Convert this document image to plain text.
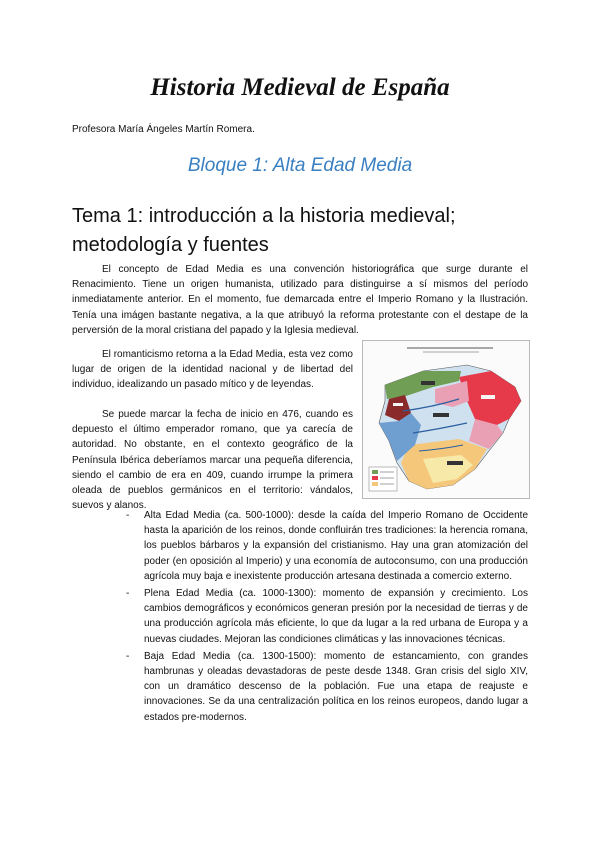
Historia Medieval de España
Profesora María Ángeles Martín Romera.
Bloque 1: Alta Edad Media
Tema 1: introducción a la historia medieval; metodología y fuentes
El concepto de Edad Media es una convención historiográfica que surge durante el Renacimiento. Tiene un origen humanista, utilizado para distinguirse a sí mismos del período inmediatamente anterior. En el momento, fue demarcada entre el Imperio Romano y la Ilustración. Tenía una imágen bastante negativa, a la que atribuyó la reforma protestante con el destape de la perversión de la moral cristiana del papado y la Iglesia medieval.
El romanticismo retorna a la Edad Media, esta vez como lugar de origen de la identidad nacional y de libertad del individuo, idealizando un pasado mítico y de leyendas.
Se puede marcar la fecha de inicio en 476, cuando es depuesto el último emperador romano, que ya carecía de autoridad. No obstante, en el contexto geográfico de la Península Ibérica deberíamos marcar una pequeña diferencia, siendo el cambio de era en 409, cuando irrumpe la primera oleada de pueblos germánicos en el territorio: vándalos, suevos y alanos.
- Alta Edad Media (ca. 500-1000): desde la caída del Imperio Romano de Occidente hasta la aparición de los reinos, donde confluirán tres tradiciones: la herencia romana, los pueblos bárbaros y la expansión del cristianismo. Hay una gran atomización del poder (en oposición al Imperio) y una economía de autoconsumo, con una producción agrícola muy baja e inexistente producción artesana destinada a comercio externo.
- Plena Edad Media (ca. 1000-1300): momento de expansión y crecimiento. Los cambios demográficos y económicos generan presión por la necesidad de tierras y de una producción agrícola más eficiente, lo que da lugar a la red urbana de Europa y a nuevas ciudades. Mejoran las condiciones climáticas y las innovaciones técnicas.
- Baja Edad Media (ca. 1300-1500): momento de estancamiento, con grandes hambrunas y oleadas devastadoras de peste desde 1348. Gran crisis del siglo XIV, con un dramático descenso de la población. Fue una etapa de reajuste e innovaciones. Se da una centralización política en los reinos europeos, dando lugar a estados pre-modernos.
